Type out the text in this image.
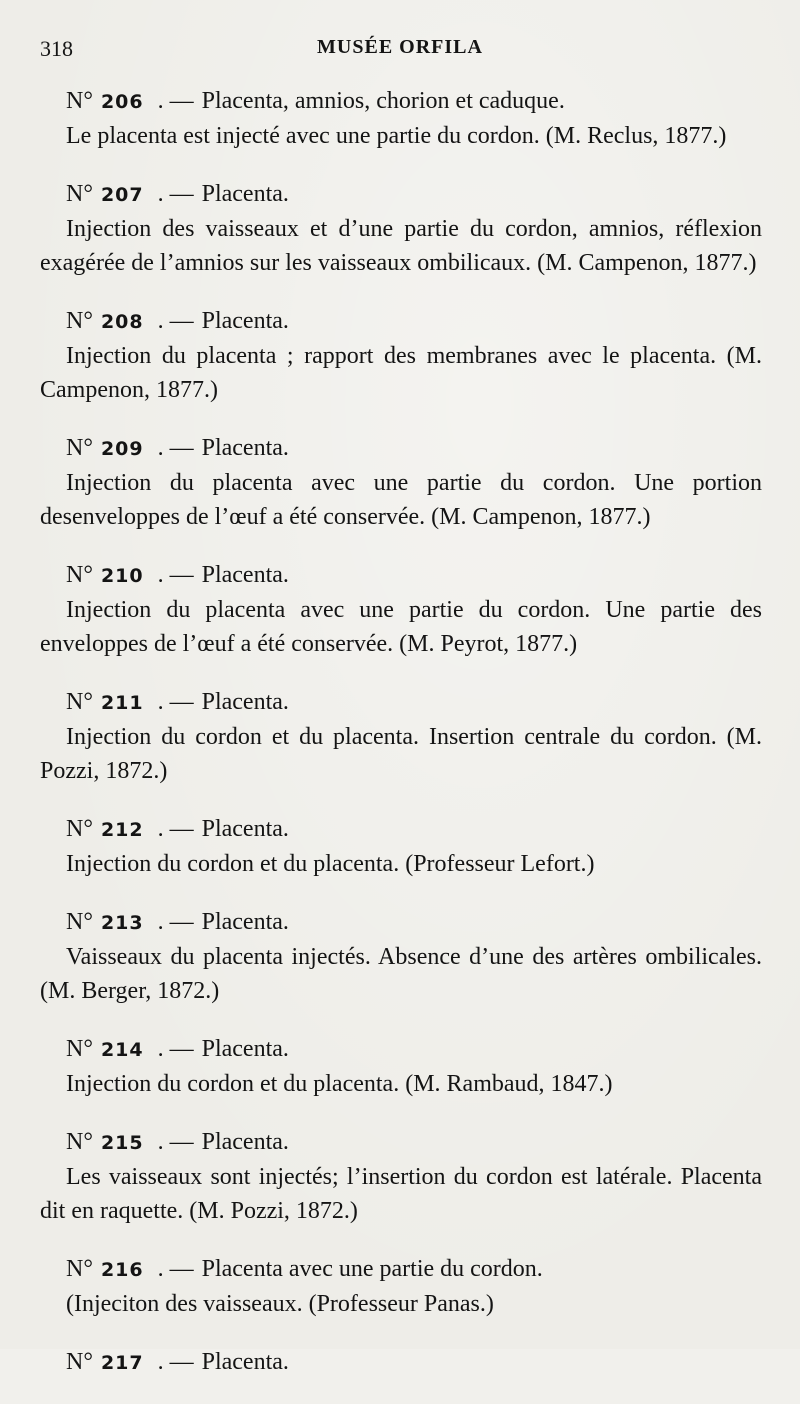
318	MUSÉE ORFILA
N° 206 . — Placenta, amnios, chorion et caduque.
Le placenta est injecté avec une partie du cordon. (M. Reclus, 1877.)
N° 207 . — Placenta.
Injection des vaisseaux et d’une partie du cordon, amnios, réflexion exagérée de l’amnios sur les vaisseaux ombilicaux. (M. Campenon, 1877.)
N° 208 . — Placenta.
Injection du placenta ; rapport des membranes avec le placenta. (M. Campenon, 1877.)
N° 209 . — Placenta.
Injection du placenta avec une partie du cordon. Une portion desenveloppes de l’œuf a été conservée. (M. Campenon, 1877.)
N° 210 . — Placenta.
Injection du placenta avec une partie du cordon. Une partie des enveloppes de l’œuf a été conservée. (M. Peyrot, 1877.)
N° 211 . — Placenta.
Injection du cordon et du placenta. Insertion centrale du cordon. (M. Pozzi, 1872.)
N° 212 . — Placenta.
Injection du cordon et du placenta. (Professeur Lefort.)
N° 213 . — Placenta.
Vaisseaux du placenta injectés. Absence d’une des artères ombilicales. (M. Berger, 1872.)
N° 214 . — Placenta.
Injection du cordon et du placenta. (M. Rambaud, 1847.)
N° 215 . — Placenta.
Les vaisseaux sont injectés; l’insertion du cordon est latérale. Placenta dit en raquette. (M. Pozzi, 1872.)
N° 216 . — Placenta avec une partie du cordon.
(Injeciton des vaisseaux. (Professeur Panas.)
N° 217 . — Placenta.
